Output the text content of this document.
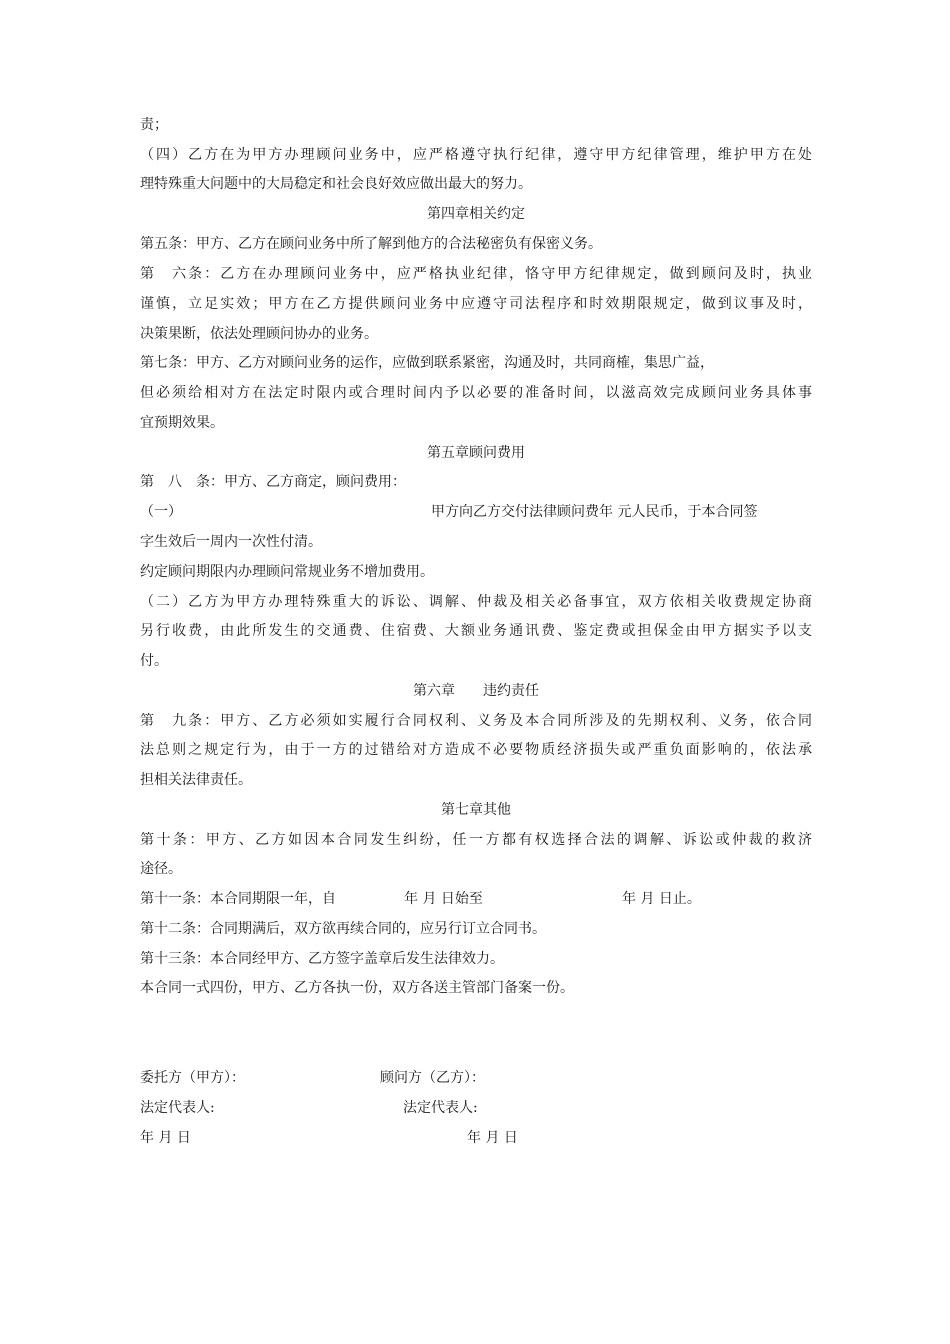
责；
（四）乙方在为甲方办理顾问业务中，应严格遵守执行纪律，遵守甲方纪律管理，维护甲方在处
理特殊重大问题中的大局稳定和社会良好效应做出最大的努力。
第四章相关约定
第五条：甲方、乙方在顾问业务中所了解到他方的合法秘密负有保密义务。
第　六条：乙方在办理顾问业务中，应严格执业纪律，恪守甲方纪律规定，做到顾问及时，执业
谨慎，立足实效；甲方在乙方提供顾问业务中应遵守司法程序和时效期限规定，做到议事及时，
决策果断，依法处理顾问协办的业务。
第七条：甲方、乙方对顾问业务的运作，应做到联系紧密，沟通及时，共同商榷，集思广益，
但必须给相对方在法定时限内或合理时间内予以必要的准备时间，以滋高效完成顾问业务具体事
宜预期效果。
第五章顾问费用
第　八　条：甲方、乙方商定，顾问费用：
（一）	甲方向乙方交付法律顾问费年 元人民币，于本合同签
字生效后一周内一次性付清。
约定顾问期限内办理顾问常规业务不增加费用。
（二）乙方为甲方办理特殊重大的诉讼、调解、仲裁及相关必备事宜，双方依相关收费规定协商
另行收费，由此所发生的交通费、住宿费、大额业务通讯费、鉴定费或担保金由甲方据实予以支
付。
第六章　　违约责任
第　九条：甲方、乙方必须如实履行合同权利、义务及本合同所涉及的先期权利、义务，依合同
法总则之规定行为，由于一方的过错给对方造成不必要物质经济损失或严重负面影响的，依法承
担相关法律责任。
第七章其他
第十条：甲方、乙方如因本合同发生纠纷，任一方都有权选择合法的调解、诉讼或仲裁的救济
途径。
第十一条：本合同期限一年，自	年 月 日始至	年 月 日止。
第十二条：合同期满后，双方欲再续合同的，应另行订立合同书。
第十三条：本合同经甲方、乙方签字盖章后发生法律效力。
本合同一式四份，甲方、乙方各执一份，双方各送主管部门备案一份。
委托方（甲方）：	顾问方（乙方）：
法定代表人:	法定代表人:
年 月 日	年 月 日
